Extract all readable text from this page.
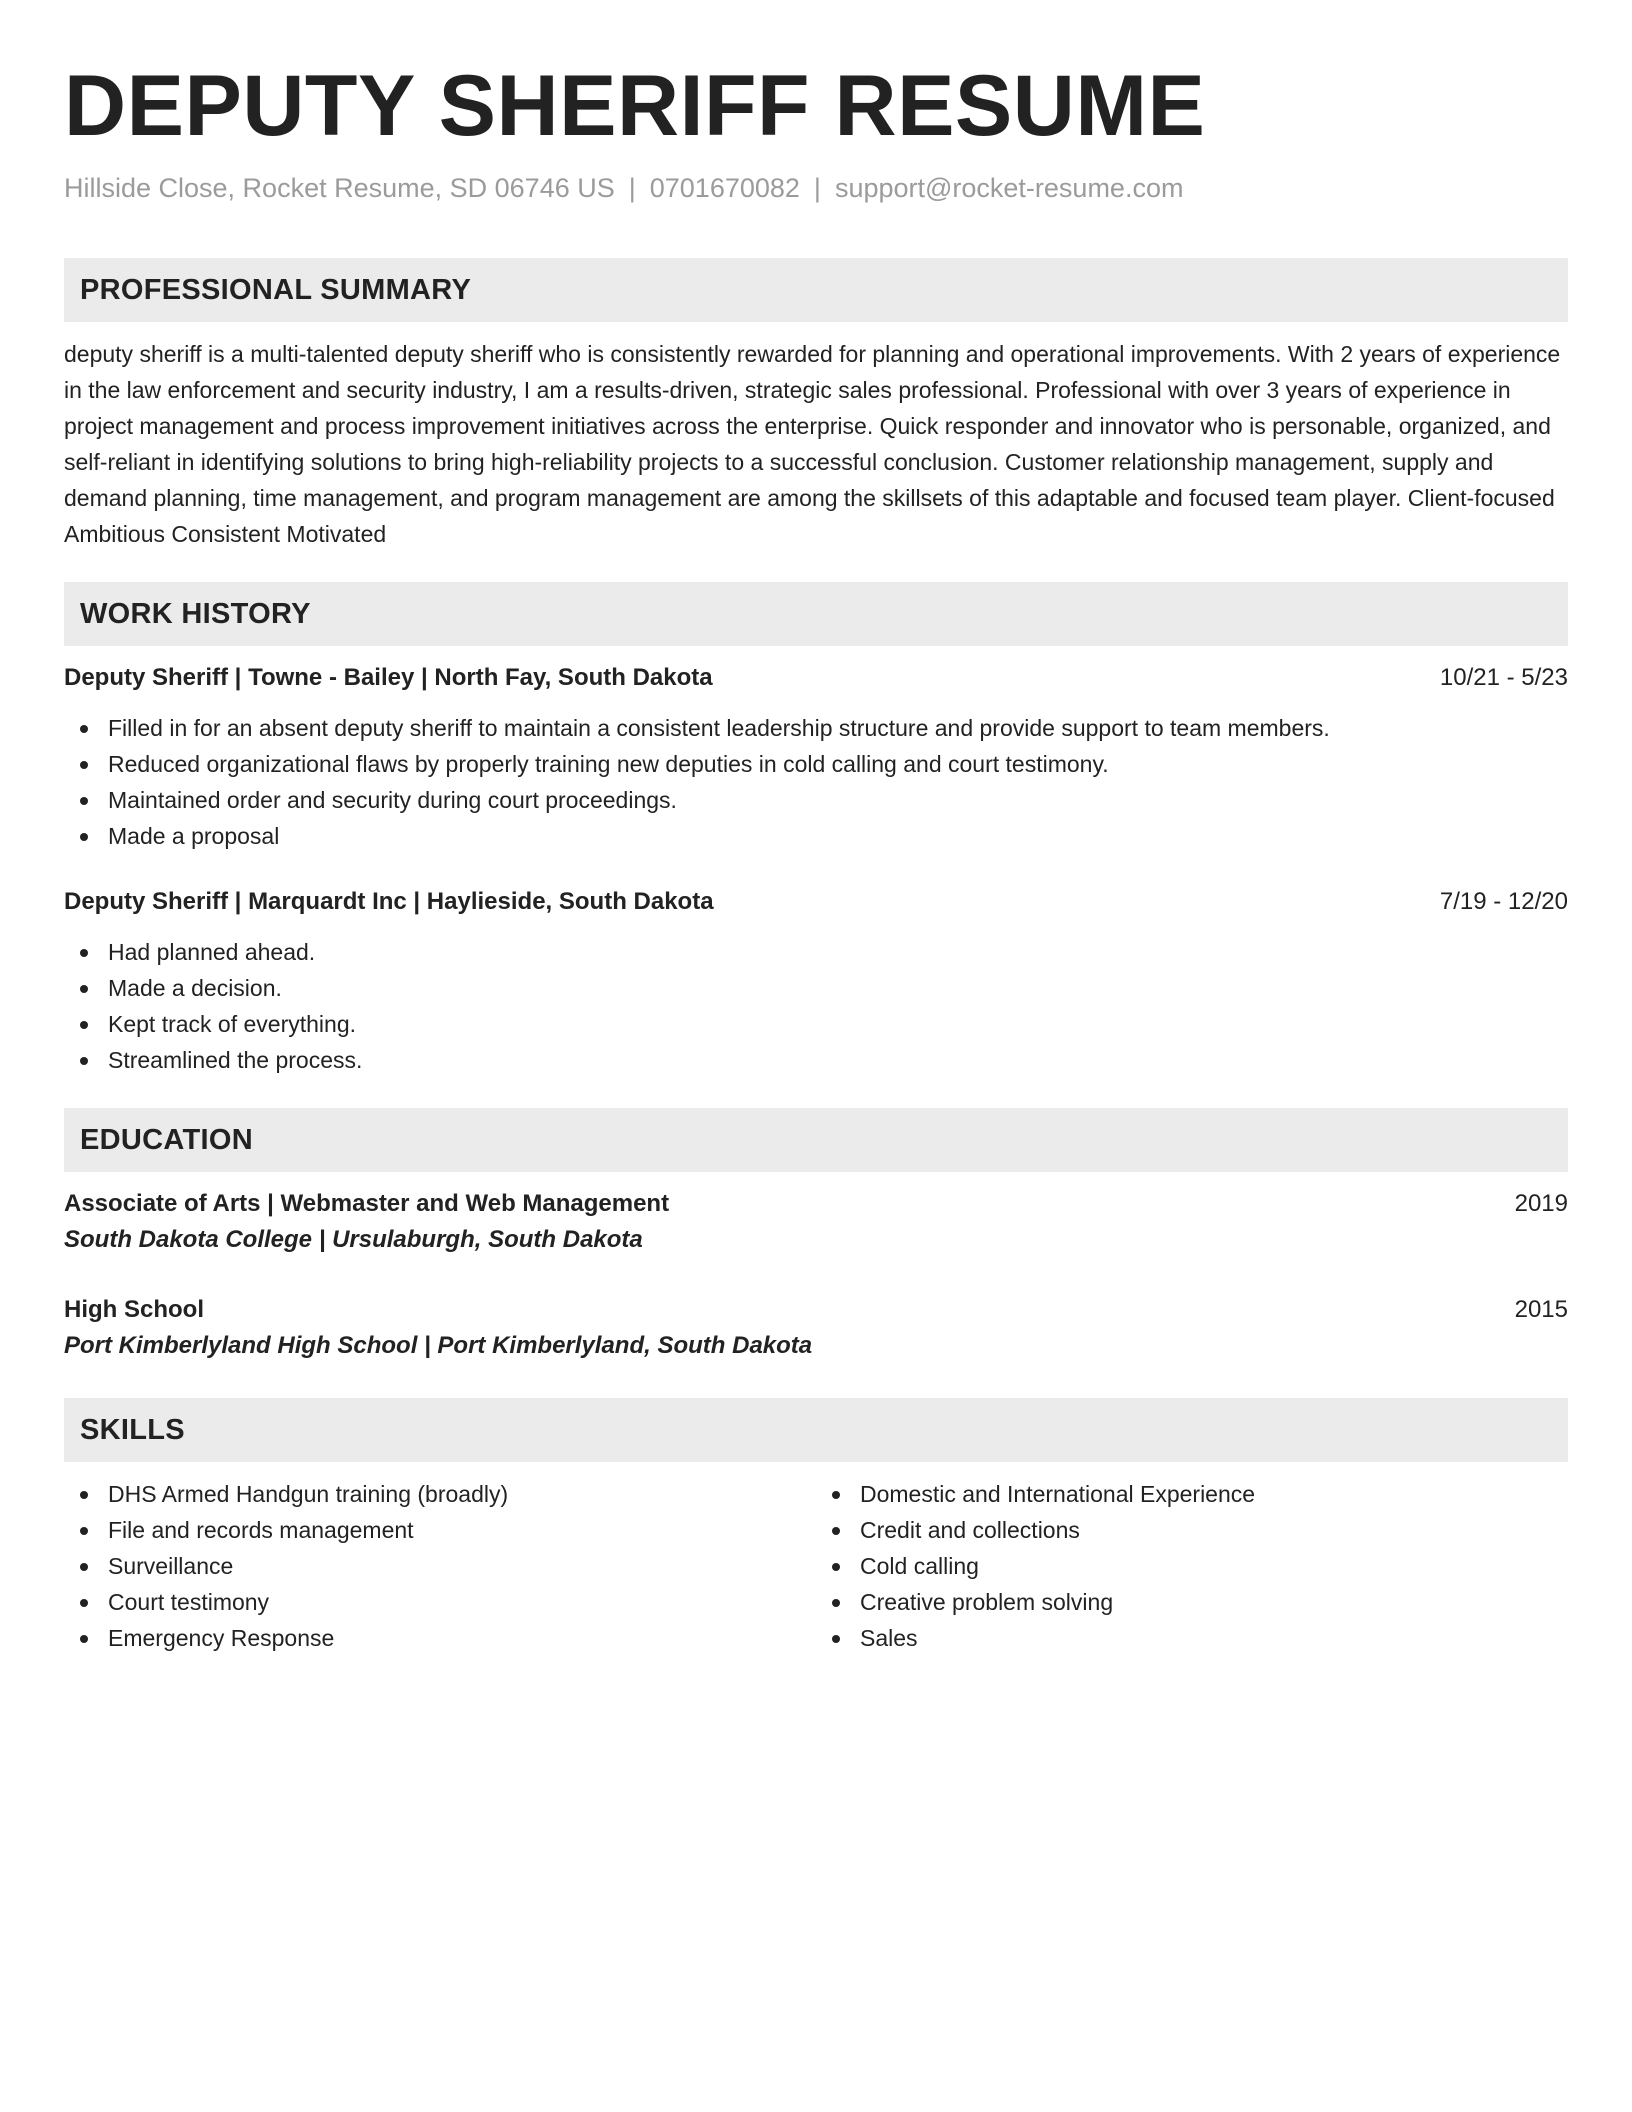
DEPUTY SHERIFF RESUME
Hillside Close, Rocket Resume, SD 06746 US | 0701670082 | support@rocket-resume.com
PROFESSIONAL SUMMARY
deputy sheriff is a multi-talented deputy sheriff who is consistently rewarded for planning and operational improvements. With 2 years of experience in the law enforcement and security industry, I am a results-driven, strategic sales professional. Professional with over 3 years of experience in project management and process improvement initiatives across the enterprise. Quick responder and innovator who is personable, organized, and self-reliant in identifying solutions to bring high-reliability projects to a successful conclusion. Customer relationship management, supply and demand planning, time management, and program management are among the skillsets of this adaptable and focused team player. Client-focused Ambitious Consistent Motivated
WORK HISTORY
Deputy Sheriff | Towne - Bailey | North Fay, South Dakota	10/21 - 5/23
Filled in for an absent deputy sheriff to maintain a consistent leadership structure and provide support to team members.
Reduced organizational flaws by properly training new deputies in cold calling and court testimony.
Maintained order and security during court proceedings.
Made a proposal
Deputy Sheriff | Marquardt Inc | Haylieside, South Dakota	7/19 - 12/20
Had planned ahead.
Made a decision.
Kept track of everything.
Streamlined the process.
EDUCATION
Associate of Arts | Webmaster and Web Management	2019
South Dakota College | Ursulaburgh, South Dakota
High School	2015
Port Kimberlyland High School | Port Kimberlyland, South Dakota
SKILLS
DHS Armed Handgun training (broadly)
File and records management
Surveillance
Court testimony
Emergency Response
Domestic and International Experience
Credit and collections
Cold calling
Creative problem solving
Sales
